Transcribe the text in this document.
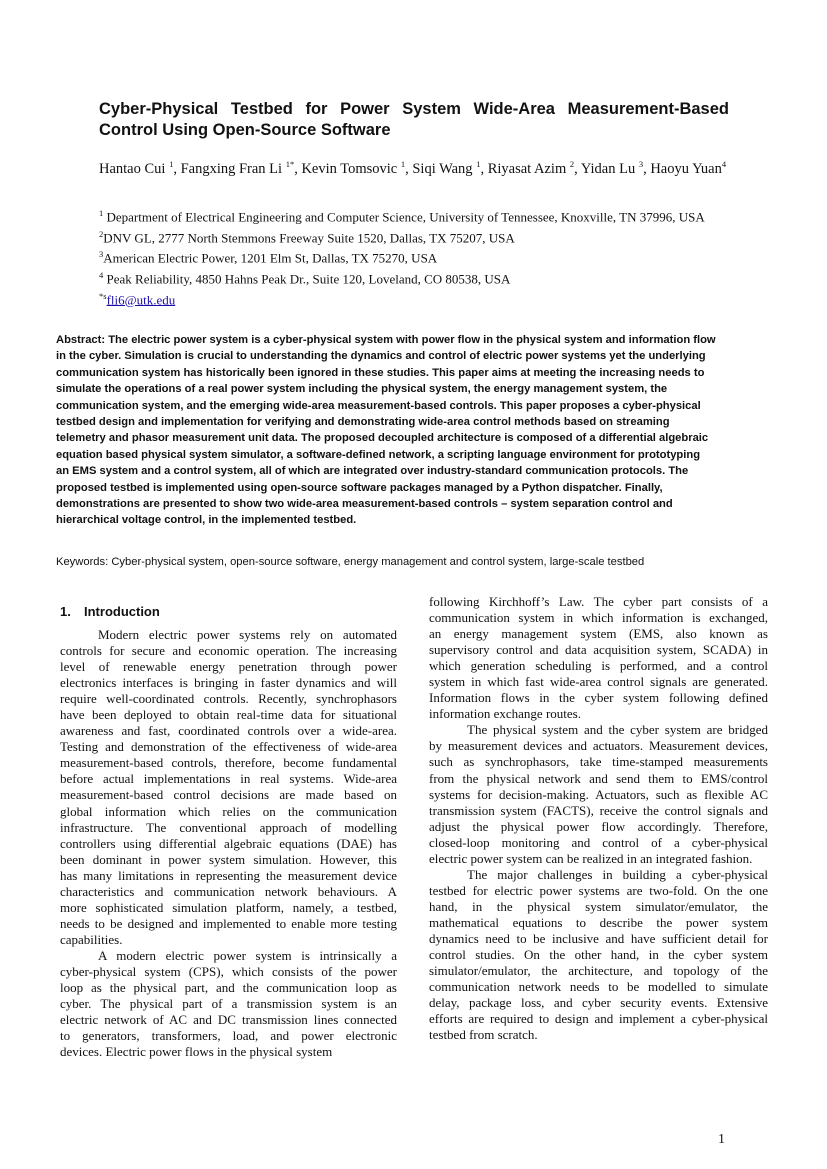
Cyber-Physical Testbed for Power System Wide-Area Measurement-Based
Control Using Open-Source Software
Hantao Cui $^1$, Fangxing Fran Li $^{1*}$, Kevin Tomsovic $^1$, Siqi Wang $^1$, Riyasat Azim $^2$, Yidan Lu $^3$, Haoyu Yuan$^4$
$^1$ Department of Electrical Engineering and Computer Science, University of Tennessee, Knoxville, TN 37996, USA
$^2$DNV GL, 2777 North Stemmons Freeway Suite 1520, Dallas, TX 75207, USA
$^3$American Electric Power, 1201 Elm St, Dallas, TX 75270, USA
$^4$ Peak Reliability, 4850 Hahns Peak Dr., Suite 120, Loveland, CO 80538, USA
$^{*s}$fli6@utk.edu
Abstract: The electric power system is a cyber-physical system with power flow in the physical system and information flow
in the cyber. Simulation is crucial to understanding the dynamics and control of electric power systems yet the underlying
communication system has historically been ignored in these studies. This paper aims at meeting the increasing needs to
simulate the operations of a real power system including the physical system, the energy management system, the
communication system, and the emerging wide-area measurement-based controls. This paper proposes a cyber-physical
testbed design and implementation for verifying and demonstrating wide-area control methods based on streaming
telemetry and phasor measurement unit data. The proposed decoupled architecture is composed of a differential algebraic
equation based physical system simulator, a software-defined network, a scripting language environment for prototyping
an EMS system and a control system, all of which are integrated over industry-standard communication protocols. The
proposed testbed is implemented using open-source software packages managed by a Python dispatcher. Finally,
demonstrations are presented to show two wide-area measurement-based controls – system separation control and
hierarchical voltage control, in the implemented testbed.
Keywords: Cyber-physical system, open-source software, energy management and control system, large-scale testbed
1. Introduction
Modern electric power systems rely on automated
controls for secure and economic operation. The increasing
level of renewable energy penetration through power
electronics interfaces is bringing in faster dynamics and will
require well-coordinated controls. Recently, synchrophasors
have been deployed to obtain real-time data for situational
awareness and fast, coordinated controls over a wide-area.
Testing and demonstration of the effectiveness of wide-area
measurement-based controls, therefore, become fundamental
before actual implementations in real systems. Wide-area
measurement-based control decisions are made based on
global information which relies on the communication
infrastructure. The conventional approach of modelling
controllers using differential algebraic equations (DAE) has
been dominant in power system simulation. However, this
has many limitations in representing the measurement device
characteristics and communication network behaviours. A
more sophisticated simulation platform, namely, a testbed,
needs to be designed and implemented to enable more testing
capabilities.
A modern electric power system is intrinsically a
cyber-physical system (CPS), which consists of the power
loop as the physical part, and the communication loop as
cyber. The physical part of a transmission system is an
electric network of AC and DC transmission lines connected
to generators, transformers, load, and power electronic
devices. Electric power flows in the physical system
following Kirchhoff’s Law. The cyber part consists of a
communication system in which information is exchanged,
an energy management system (EMS, also known as
supervisory control and data acquisition system, SCADA) in
which generation scheduling is performed, and a control
system in which fast wide-area control signals are generated.
Information flows in the cyber system following defined
information exchange routes.
The physical system and the cyber system are bridged
by measurement devices and actuators. Measurement devices,
such as synchrophasors, take time-stamped measurements
from the physical network and send them to EMS/control
systems for decision-making. Actuators, such as flexible AC
transmission system (FACTS), receive the control signals and
adjust the physical power flow accordingly. Therefore,
closed-loop monitoring and control of a cyber-physical
electric power system can be realized in an integrated fashion.
The major challenges in building a cyber-physical
testbed for electric power systems are two-fold. On the one
hand, in the physical system simulator/emulator, the
mathematical equations to describe the power system
dynamics need to be inclusive and have sufficient detail for
control studies. On the other hand, in the cyber system
simulator/emulator, the architecture, and topology of the
communication network needs to be modelled to simulate
delay, package loss, and cyber security events. Extensive
efforts are required to design and implement a cyber-physical
testbed from scratch.
1
